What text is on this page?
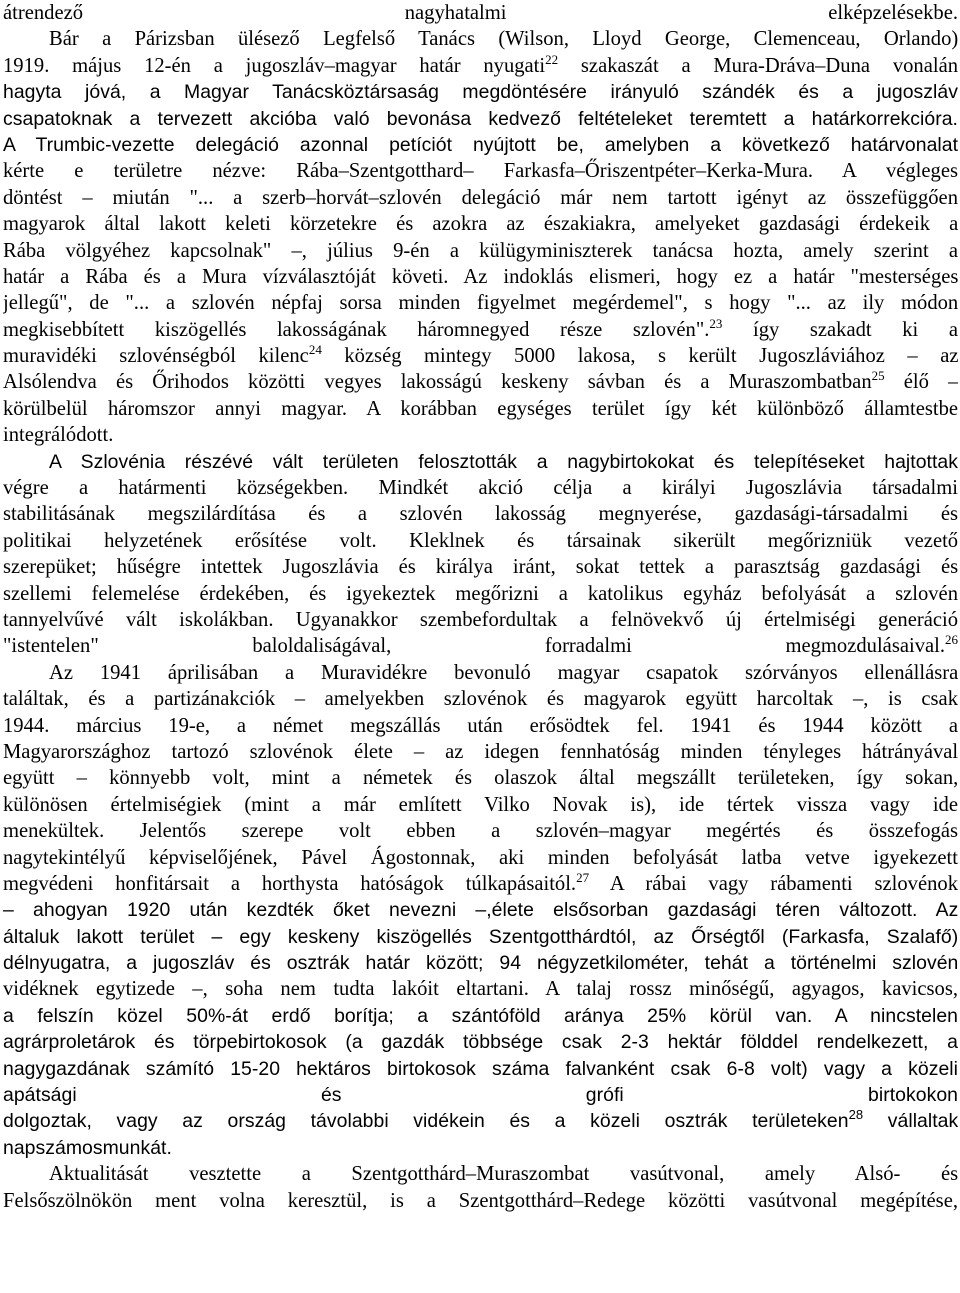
átrendező nagyhatalmi elképzelésekbe.
Bár a Párizsban ülésező Legfelső Tanács (Wilson, Lloyd George, Clemenceau, Orlando)
1919. május 12-én a jugoszláv–magyar határ nyugati$^{22}$ szakaszát a Mura-Dráva–Duna vonalán
hagyta jóvá, a Magyar Tanácsköztársaság megdöntésére irányuló szándék és a jugoszláv
csapatoknak a tervezett akcióba való bevonása kedvező feltételeket teremtett a határkorrekcióra.
A Trumbic-vezette delegáció azonnal petíciót nyújtott be, amelyben a következő határvonalat
kérte e területre nézve: Rába–Szentgotthard– Farkasfa–Őriszentpéter–Kerka-Mura. A végleges
döntést – miután "... a szerb–horvát–szlovén delegáció már nem tartott igényt az összefüggően
magyarok által lakott keleti körzetekre és azokra az északiakra, amelyeket gazdasági érdekeik a
Rába völgyéhez kapcsolnak" –, július 9-én a külügyminiszterek tanácsa hozta, amely szerint a
határ a Rába és a Mura vízválasztóját követi. Az indoklás elismeri, hogy ez a határ "mesterséges
jellegű", de "... a szlovén népfaj sorsa minden figyelmet megérdemel", s hogy "... az ily módon
megkisebbített kiszögellés lakosságának háromnegyed része szlovén".$^{23}$ így szakadt ki a
muravidéki szlovénségból kilenc$^{24}$ község mintegy 5000 lakosa, s került Jugoszláviához – az
Alsólendva és Őrihodos közötti vegyes lakosságú keskeny sávban és a Muraszombatban$^{25}$ élő –
körülbelül háromszor annyi magyar. A korábban egységes terület így két különböző államtestbe
integrálódott.
A Szlovénia részévé vált területen felosztották a nagybirtokokat és telepítéseket hajtottak
végre a határmenti községekben. Mindkét akció célja a királyi Jugoszlávia társadalmi
stabilitásának megszilárdítása és a szlovén lakosság megnyerése, gazdasági-társadalmi és
politikai helyzetének erősítése volt. Kleklnek és társainak sikerült megőrizniük vezető
szerepüket; hűségre intettek Jugoszlávia és királya iránt, sokat tettek a parasztság gazdasági és
szellemi felemelése érdekében, és igyekeztek megőrizni a katolikus egyház befolyását a szlovén
tannyelvűvé vált iskolákban. Ugyanakkor szembefordultak a felnövekvő új értelmiségi generáció
"istentelen" baloldaliságával, forradalmi megmozdulásaival.$^{26}$
Az 1941 áprilisában a Muravidékre bevonuló magyar csapatok szórványos ellenállásra
találtak, és a partizánakciók – amelyekben szlovénok és magyarok együtt harcoltak –, is csak
1944. március 19-e, a német megszállás után erősödtek fel. 1941 és 1944 között a
Magyarországhoz tartozó szlovénok élete – az idegen fennhatóság minden tényleges hátrányával
együtt – könnyebb volt, mint a németek és olaszok által megszállt területeken, így sokan,
különösen értelmiségiek (mint a már említett Vilko Novak is), ide tértek vissza vagy ide
menekültek. Jelentős szerepe volt ebben a szlovén–magyar megértés és összefogás
nagytekintélyű képviselőjének, Pável Ágostonnak, aki minden befolyását latba vetve igyekezett
megvédeni honfitársait a horthysta hatóságok túlkapásaitól.$^{27}$ A rábai vagy rábamenti szlovénok
– ahogyan 1920 után kezdték őket nevezni –,élete elsősorban gazdasági téren változott. Az
általuk lakott terület – egy keskeny kiszögellés Szentgotthárdtól, az Őrségtől (Farkasfa, Szalafő)
délnyugatra, a jugoszláv és osztrák határ között; 94 négyzetkilométer, tehát a történelmi szlovén
vidéknek egytizede –, soha nem tudta lakóit eltartani. A talaj rossz minőségű, agyagos, kavicsos,
a felszín közel 50%-át erdő borítja; a szántóföld aránya 25% körül van. A nincstelen
agrárproletárok és törpebirtokosok (a gazdák többsége csak 2-3 hektár földdel rendelkezett, a
nagygazdának számító 15-20 hektáros birtokosok száma falvanként csak 6-8 volt) vagy a közeli
apátsági és grófi birtokokon
dolgoztak, vagy az ország távolabbi vidékein és a közeli osztrák területeken$^{28}$ vállaltak
napszámosmunkát.
Aktualitását vesztette a Szentgotthárd–Muraszombat vasútvonal, amely Alsó- és
Felsőszölnökön ment volna keresztül, is a Szentgotthárd–Redege közötti vasútvonal megépítése,
